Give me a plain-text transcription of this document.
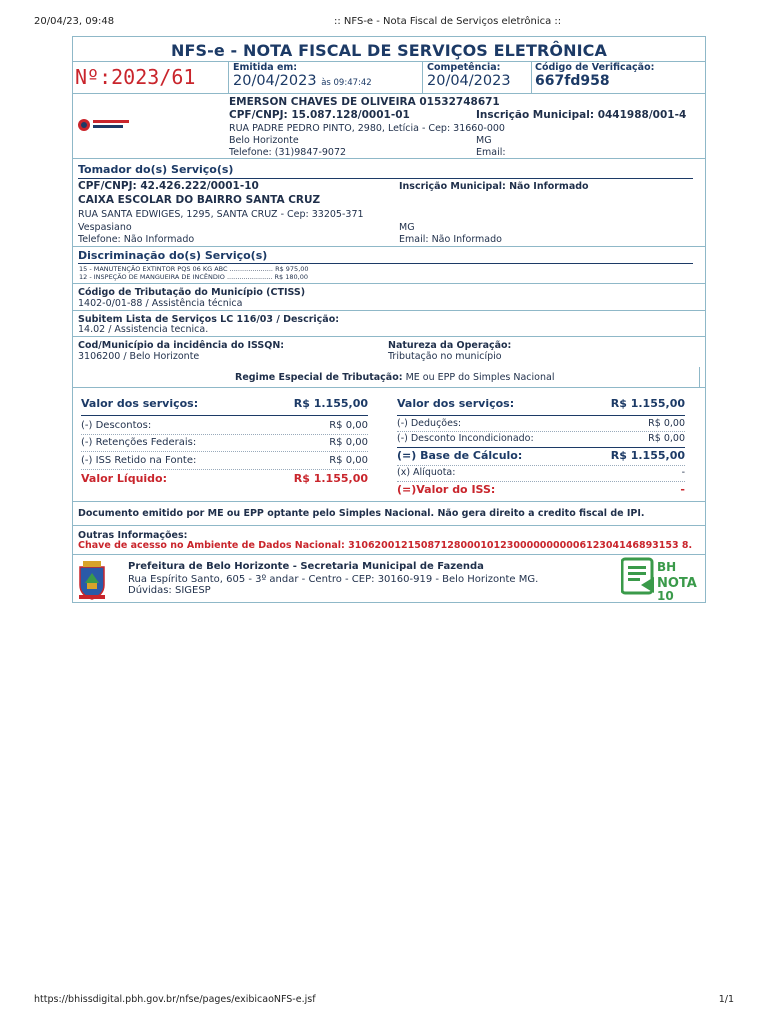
20/04/23, 09:48	:: NFS-e - Nota Fiscal de Serviços eletrônica ::
NFS-e - NOTA FISCAL DE SERVIÇOS ELETRÔNICA
Nº:2023/61	Emitida em:
20/04/2023 às 09:47:42
Competência:
20/04/2023
Código de Verificação:
667fd958
EMERSON CHAVES DE OLIVEIRA 01532748671
CPF/CNPJ: 15.087.128/0001-01	Inscrição Municipal: 0441988/001-4
RUA PADRE PEDRO PINTO, 2980, Letícia - Cep: 31660-000
Belo Horizonte	MG
Telefone: (31)9847-9072	Email:
Tomador do(s) Serviço(s)
CPF/CNPJ: 42.426.222/0001-10	Inscrição Municipal: Não Informado
CAIXA ESCOLAR DO BAIRRO SANTA CRUZ
RUA SANTA EDWIGES, 1295, SANTA CRUZ - Cep: 33205-371
Vespasiano	MG
Telefone: Não Informado	Email: Não Informado
Discriminação do(s) Serviço(s)
15 - MANUTENÇÃO EXTINTOR PQS 06 KG ABC ..................... R$ 975,00
12 - INSPEÇÃO DE MANGUEIRA DE INCÊNDIO ...................... R$ 180,00
Código de Tributação do Município (CTISS)
1402-0/01-88 / Assistência técnica
Subitem Lista de Serviços LC 116/03 / Descrição:
14.02 / Assistencia tecnica.
Cod/Município da incidência do ISSQN:
3106200 / Belo Horizonte
Natureza da Operação:
Tributação no município
Regime Especial de Tributação: ME ou EPP do Simples Nacional
Valor dos serviços:	R$ 1.155,00
(-) Descontos:	R$ 0,00
(-) Retenções Federais:	R$ 0,00
(-) ISS Retido na Fonte:	R$ 0,00
Valor Líquido:	R$ 1.155,00
Valor dos serviços:	R$ 1.155,00
(-) Deduções:	R$ 0,00
(-) Desconto Incondicionado:	R$ 0,00
(=) Base de Cálculo:	R$ 1.155,00
(x) Alíquota:	-
(=)Valor do ISS:	-
Documento emitido por ME ou EPP optante pelo Simples Nacional. Não gera direito a credito fiscal de IPI.
Outras Informações:
Chave de acesso no Ambiente de Dados Nacional: 31062001215087128000101230000000000612304146893153 8.
Prefeitura de Belo Horizonte - Secretaria Municipal de Fazenda
Rua Espírito Santo, 605 - 3º andar - Centro - CEP: 30160-919 - Belo Horizonte MG.
Dúvidas: SIGESP
BH
NOTA
10
https://bhissdigital.pbh.gov.br/nfse/pages/exibicaoNFS-e.jsf	1/1
